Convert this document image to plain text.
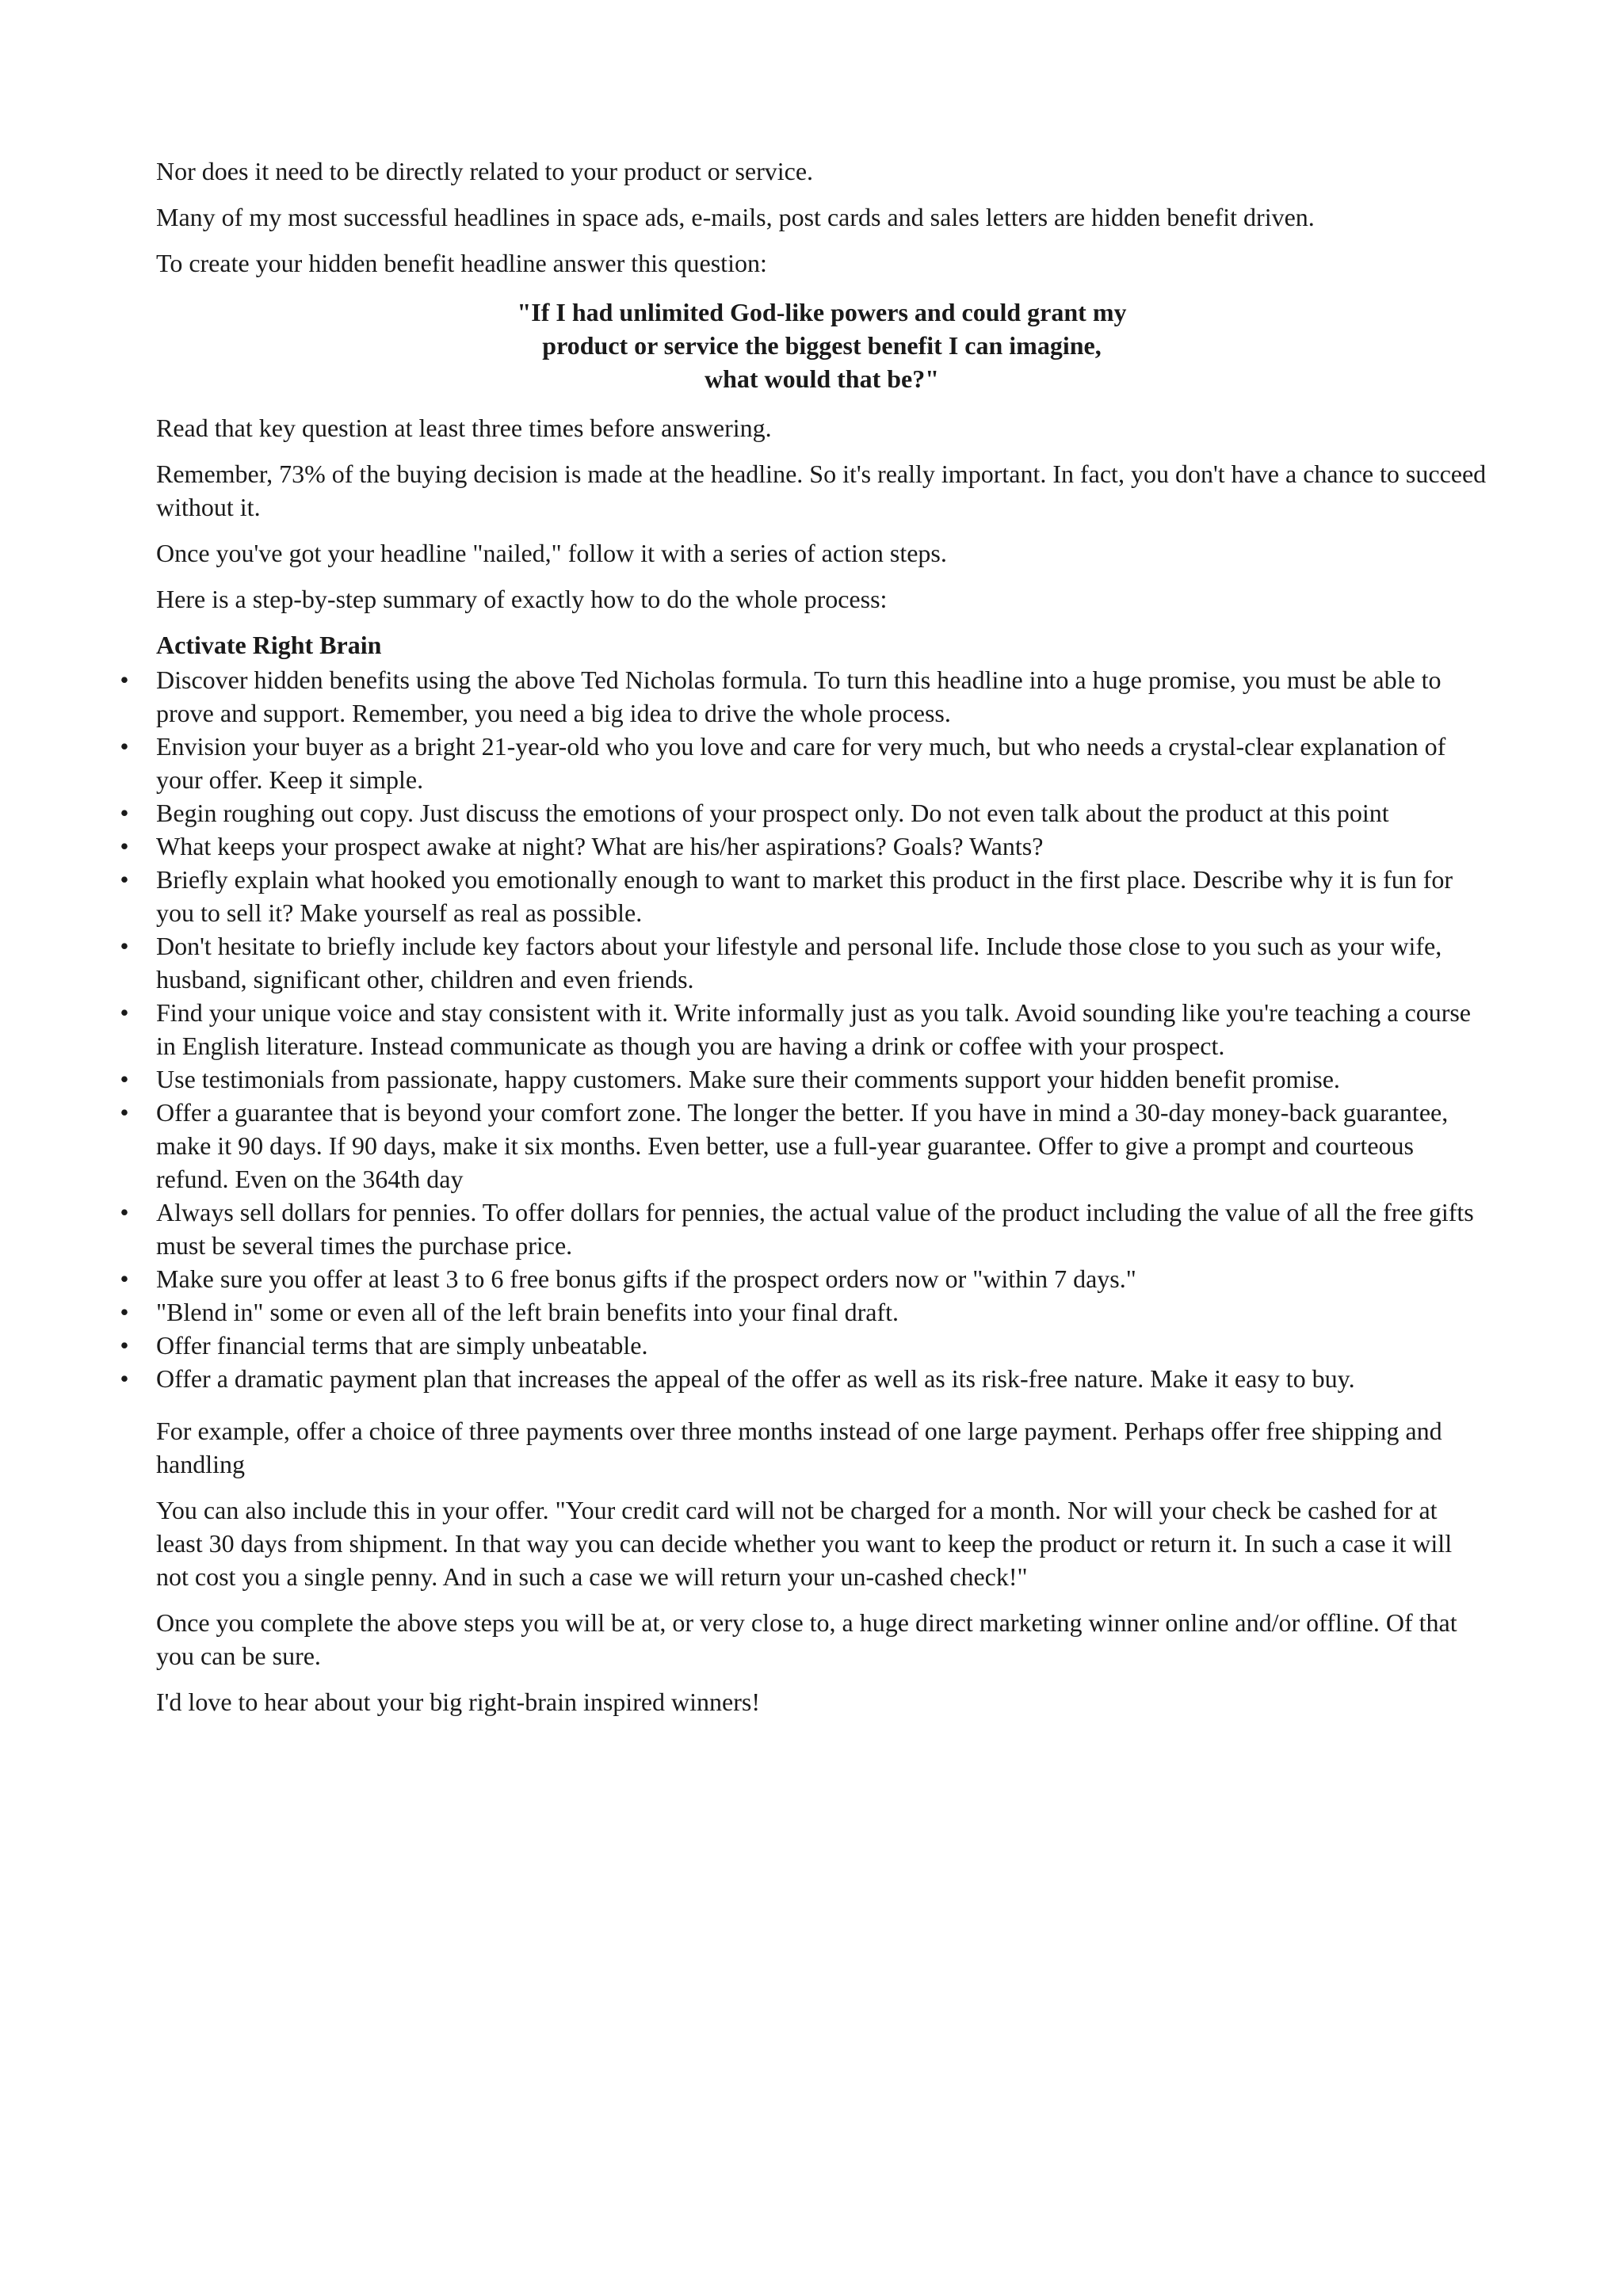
Nor does it need to be directly related to your product or service.

Many of my most successful headlines in space ads, e-mails, post cards and sales letters are hidden benefit driven.

To create your hidden benefit headline answer this question:

"If I had unlimited God-like powers and could grant my
product or service the biggest benefit I can imagine,
what would that be?"

Read that key question at least three times before answering.

Remember, 73% of the buying decision is made at the headline. So it's really important. In fact, you don't have a chance to succeed without it.

Once you've got your headline "nailed," follow it with a series of action steps.

Here is a step-by-step summary of exactly how to do the whole process:

Activate Right Brain
• Discover hidden benefits using the above Ted Nicholas formula. To turn this headline into a huge promise, you must be able to prove and support. Remember, you need a big idea to drive the whole process.
• Envision your buyer as a bright 21-year-old who you love and care for very much, but who needs a crystal-clear explanation of your offer. Keep it simple.
• Begin roughing out copy. Just discuss the emotions of your prospect only. Do not even talk about the product at this point
• What keeps your prospect awake at night? What are his/her aspirations? Goals? Wants?
• Briefly explain what hooked you emotionally enough to want to market this product in the first place. Describe why it is fun for you to sell it? Make yourself as real as possible.
• Don't hesitate to briefly include key factors about your lifestyle and personal life. Include those close to you such as your wife, husband, significant other, children and even friends.
• Find your unique voice and stay consistent with it. Write informally just as you talk. Avoid sounding like you're teaching a course in English literature. Instead communicate as though you are having a drink or coffee with your prospect.
• Use testimonials from passionate, happy customers. Make sure their comments support your hidden benefit promise.
• Offer a guarantee that is beyond your comfort zone. The longer the better. If you have in mind a 30-day money-back guarantee, make it 90 days. If 90 days, make it six months. Even better, use a full-year guarantee. Offer to give a prompt and courteous refund. Even on the 364th day
• Always sell dollars for pennies. To offer dollars for pennies, the actual value of the product including the value of all the free gifts must be several times the purchase price.
• Make sure you offer at least 3 to 6 free bonus gifts if the prospect orders now or "within 7 days."
• "Blend in" some or even all of the left brain benefits into your final draft.
• Offer financial terms that are simply unbeatable.
• Offer a dramatic payment plan that increases the appeal of the offer as well as its risk-free nature. Make it easy to buy.

For example, offer a choice of three payments over three months instead of one large payment. Perhaps offer free shipping and handling

You can also include this in your offer. "Your credit card will not be charged for a month. Nor will your check be cashed for at least 30 days from shipment. In that way you can decide whether you want to keep the product or return it. In such a case it will not cost you a single penny. And in such a case we will return your un-cashed check!"

Once you complete the above steps you will be at, or very close to, a huge direct marketing winner online and/or offline. Of that you can be sure.

I'd love to hear about your big right-brain inspired winners!
